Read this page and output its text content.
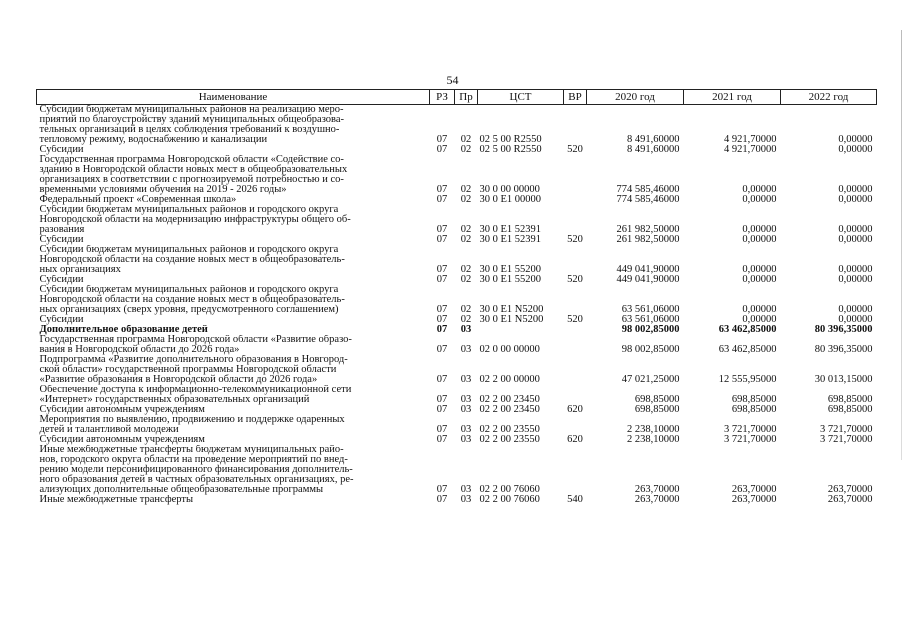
54
Наименование	РЗ	Пр	ЦСТ	ВР	2020 год	2021 год	2022 год
Субсидии бюджетам муниципальных районов на реализацию меро-
приятий по благоустройству зданий муниципальных общеобразова-
тельных организаций в целях соблюдения требований к воздушно-
тепловому режиму, водоснабжению и канализации	07	02	02 5 00 R2550		8 491,60000	4 921,70000	0,00000
Субсидии	07	02	02 5 00 R2550	520	8 491,60000	4 921,70000	0,00000
Государственная программа Новгородской области «Содействие со-
зданию в Новгородской области новых мест в общеобразовательных
организациях в соответствии с прогнозируемой потребностью и со-
временными условиями обучения на 2019 - 2026 годы»	07	02	30 0 00 00000		774 585,46000	0,00000	0,00000
Федеральный проект «Современная школа»	07	02	30 0 E1 00000		774 585,46000	0,00000	0,00000
Субсидии бюджетам муниципальных районов и городского округа
Новгородской области на модернизацию инфраструктуры общего об-
разования	07	02	30 0 E1 52391		261 982,50000	0,00000	0,00000
Субсидии	07	02	30 0 E1 52391	520	261 982,50000	0,00000	0,00000
Субсидии бюджетам муниципальных районов и городского округа
Новгородской области на создание новых мест в общеобразователь-
ных организациях	07	02	30 0 E1 55200		449 041,90000	0,00000	0,00000
Субсидии	07	02	30 0 E1 55200	520	449 041,90000	0,00000	0,00000
Субсидии бюджетам муниципальных районов и городского округа
Новгородской области на создание новых мест в общеобразователь-
ных организациях (сверх уровня, предусмотренного соглашением)	07	02	30 0 E1 N5200		63 561,06000	0,00000	0,00000
Субсидии	07	02	30 0 E1 N5200	520	63 561,06000	0,00000	0,00000
Дополнительное образование детей	07	03			98 002,85000	63 462,85000	80 396,35000
Государственная программа Новгородской области «Развитие образо-
вания в Новгородской области до 2026 года»	07	03	02 0 00 00000		98 002,85000	63 462,85000	80 396,35000
Подпрограмма «Развитие дополнительного образования в Новгород-
ской области» государственной программы Новгородской области
«Развитие образования в Новгородской области до 2026 года»	07	03	02 2 00 00000		47 021,25000	12 555,95000	30 013,15000
Обеспечение доступа к информационно-телекоммуникационной сети
«Интернет» государственных образовательных организаций	07	03	02 2 00 23450		698,85000	698,85000	698,85000
Субсидии автономным учреждениям	07	03	02 2 00 23450	620	698,85000	698,85000	698,85000
Мероприятия по выявлению, продвижению и поддержке одаренных
детей и талантливой молодежи	07	03	02 2 00 23550		2 238,10000	3 721,70000	3 721,70000
Субсидии автономным учреждениям	07	03	02 2 00 23550	620	2 238,10000	3 721,70000	3 721,70000
Иные межбюджетные трансферты бюджетам муниципальных райо-
нов, городского округа области на проведение мероприятий по внед-
рению модели персонифицированного финансирования дополнитель-
ного образования детей в частных образовательных организациях, ре-
ализующих дополнительные общеобразовательные программы	07	03	02 2 00 76060		263,70000	263,70000	263,70000
Иные межбюджетные трансферты	07	03	02 2 00 76060	540	263,70000	263,70000	263,70000
